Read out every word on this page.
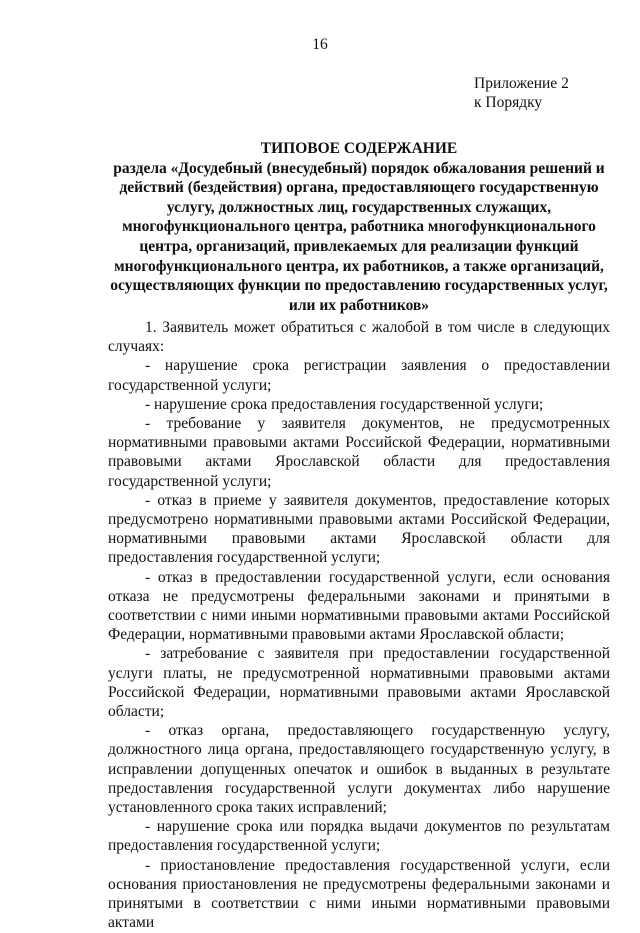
16
Приложение 2
к Порядку
ТИПОВОЕ СОДЕРЖАНИЕ
раздела «Досудебный (внесудебный) порядок обжалования решений и
действий (бездействия) органа, предоставляющего государственную
услугу, должностных лиц, государственных служащих,
многофункционального центра, работника многофункционального
центра, организаций, привлекаемых для реализации функций
многофункционального центра, их работников, а также организаций,
осуществляющих функции по предоставлению государственных услуг,
или их работников»

1. Заявитель может обратиться с жалобой в том числе в следующих случаях:

- нарушение срока регистрации заявления о предоставлении государственной услуги;

- нарушение срока предоставления государственной услуги;

- требование у заявителя документов, не предусмотренных нормативными правовыми актами Российской Федерации, нормативными правовыми актами Ярославской области для предоставления государственной услуги;

- отказ в приеме у заявителя документов, предоставление которых предусмотрено нормативными правовыми актами Российской Федерации, нормативными правовыми актами Ярославской области для предоставления государственной услуги;

- отказ в предоставлении государственной услуги, если основания отказа не предусмотрены федеральными законами и принятыми в соответствии с ними иными нормативными правовыми актами Российской Федерации, нормативными правовыми актами Ярославской области;

- затребование с заявителя при предоставлении государственной услуги платы, не предусмотренной нормативными правовыми актами Российской Федерации, нормативными правовыми актами Ярославской области;

- отказ органа, предоставляющего государственную услугу, должностного лица органа, предоставляющего государственную услугу, в исправлении допущенных опечаток и ошибок в выданных в результате предоставления государственной услуги документах либо нарушение установленного срока таких исправлений;

- нарушение срока или порядка выдачи документов по результатам предоставления государственной услуги;

- приостановление предоставления государственной услуги, если основания приостановления не предусмотрены федеральными законами и принятыми в соответствии с ними иными нормативными правовыми актами
